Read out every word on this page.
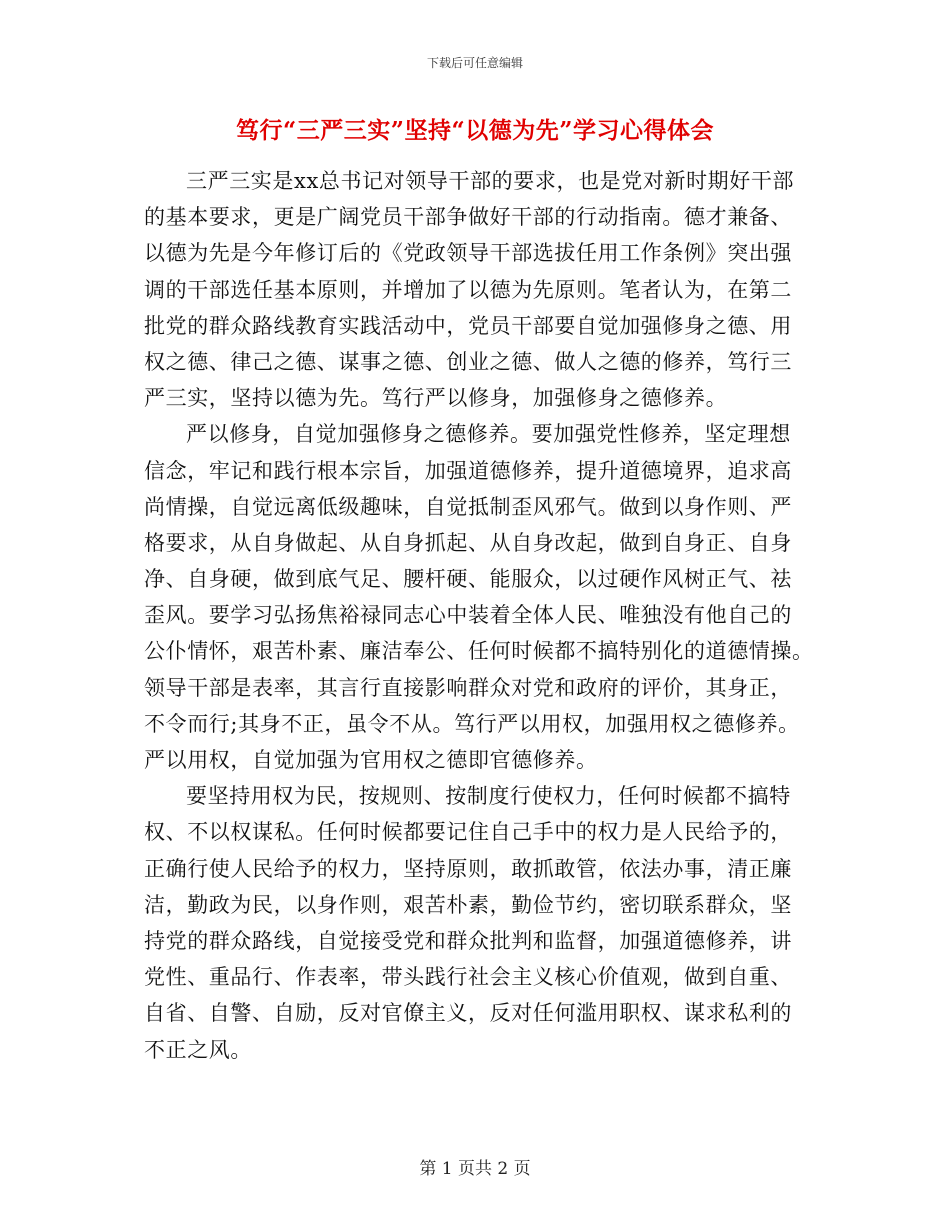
下载后可任意编辑
笃行“三严三实”坚持“以德为先”学习心得体会
三严三实是xx总书记对领导干部的要求，也是党对新时期好干部
的基本要求，更是广阔党员干部争做好干部的行动指南。德才兼备、
以德为先是今年修订后的《党政领导干部选拔任用工作条例》突出强
调的干部选任基本原则，并增加了以德为先原则。笔者认为，在第二
批党的群众路线教育实践活动中，党员干部要自觉加强修身之德、用
权之德、律己之德、谋事之德、创业之德、做人之德的修养，笃行三
严三实，坚持以德为先。笃行严以修身，加强修身之德修养。
严以修身，自觉加强修身之德修养。要加强党性修养，坚定理想
信念，牢记和践行根本宗旨，加强道德修养，提升道德境界，追求高
尚情操，自觉远离低级趣味，自觉抵制歪风邪气。做到以身作则、严
格要求，从自身做起、从自身抓起、从自身改起，做到自身正、自身
净、自身硬，做到底气足、腰杆硬、能服众，以过硬作风树正气、祛
歪风。要学习弘扬焦裕禄同志心中装着全体人民、唯独没有他自己的
公仆情怀，艰苦朴素、廉洁奉公、任何时候都不搞特别化的道德情操。
领导干部是表率，其言行直接影响群众对党和政府的评价，其身正，
不令而行;其身不正，虽令不从。笃行严以用权，加强用权之德修养。
严以用权，自觉加强为官用权之德即官德修养。
要坚持用权为民，按规则、按制度行使权力，任何时候都不搞特
权、不以权谋私。任何时候都要记住自己手中的权力是人民给予的，
正确行使人民给予的权力，坚持原则，敢抓敢管，依法办事，清正廉
洁，勤政为民，以身作则，艰苦朴素，勤俭节约，密切联系群众，坚
持党的群众路线，自觉接受党和群众批判和监督，加强道德修养，讲
党性、重品行、作表率，带头践行社会主义核心价值观，做到自重、
自省、自警、自励，反对官僚主义，反对任何滥用职权、谋求私利的
不正之风。
第 1 页共 2 页
